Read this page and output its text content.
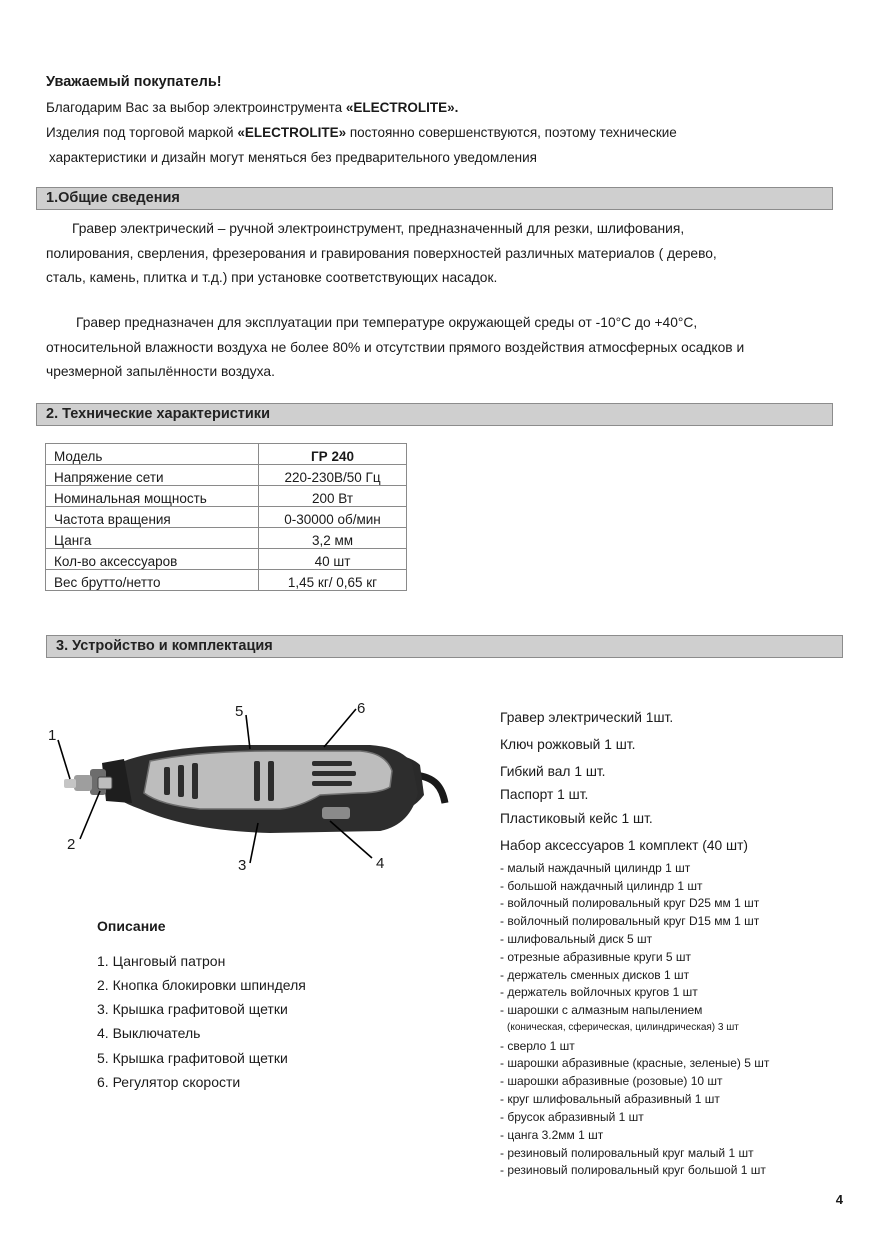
Уважаемый покупатель!
Благодарим Вас за выбор электроинструмента «ELECTROLITE».
Изделия под торговой маркой «ELECTROLITE» постоянно совершенствуются, поэтому технические
характеристики и дизайн могут меняться без предварительного уведомления
1.Общие сведения
Гравер электрический – ручной электроинструмент, предназначенный для резки, шлифования,
полирования, сверления, фрезерования и гравирования поверхностей различных материалов ( дерево,
сталь, камень, плитка и т.д.) при установке соответствующих насадок.
Гравер предназначен для эксплуатации при температуре окружающей среды от -10°С до +40°С,
относительной влажности воздуха не более 80% и отсутствии прямого воздействия атмосферных осадков и
чрезмерной запылённости воздуха.
2. Технические характеристики
Модель	ГР 240
Напряжение сети	220-230В/50 Гц
Номинальная мощность	200 Вт
Частота вращения	0-30000 об/мин
Цанга	3,2 мм
Кол-во аксессуаров	40 шт
Вес брутто/нетто	1,45 кг/ 0,65 кг
3. Устройство и комплектация
1
2
3	4
5	6
Описание
1. Цанговый патрон
2. Кнопка блокировки шпинделя
3. Крышка графитовой щетки
4. Выключатель
5. Крышка графитовой щетки
6. Регулятор скорости
Гравер электрический 1шт.
Ключ рожковый 1 шт.
Гибкий вал 1 шт.
Паспорт 1 шт.
Пластиковый кейс 1 шт.
Набор аксессуаров 1 комплект (40 шт)
- малый наждачный цилиндр 1 шт
- большой наждачный цилиндр 1 шт
- войлочный полировальный круг D25 мм 1 шт
- войлочный полировальный круг D15 мм 1 шт
- шлифовальный диск 5 шт
- отрезные абразивные круги 5 шт
- держатель сменных дисков 1 шт
- держатель войлочных кругов 1 шт
- шарошки с алмазным напылением
(коническая, сферическая, цилиндрическая) 3 шт
- сверло 1 шт
- шарошки абразивные (красные, зеленые) 5 шт
- шарошки абразивные (розовые) 10 шт
- круг шлифовальный абразивный 1 шт
- брусок абразивный 1 шт
- цанга 3.2мм 1 шт
- резиновый полировальный круг малый 1 шт
- резиновый полировальный круг большой 1 шт
4
